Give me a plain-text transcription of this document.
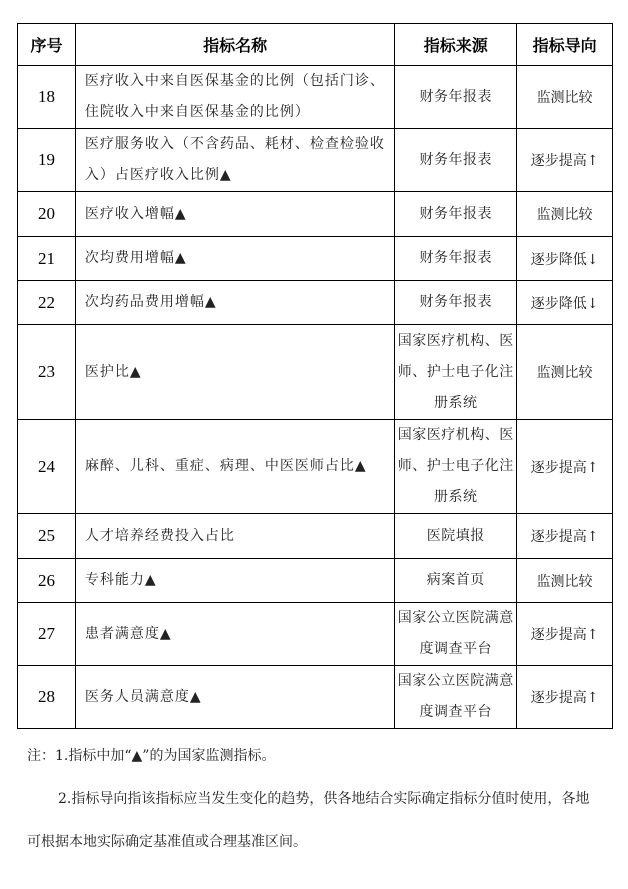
序号	指标名称	指标来源	指标导向
18	医疗收入中来自医保基金的比例（包括门诊、住院收入中来自医保基金的比例）	财务年报表	监测比较
19	医疗服务收入（不含药品、耗材、检查检验收入）占医疗收入比例▲	财务年报表	逐步提高↑
20	医疗收入增幅▲	财务年报表	监测比较
21	次均费用增幅▲	财务年报表	逐步降低↓
22	次均药品费用增幅▲	财务年报表	逐步降低↓
23	医护比▲	国家医疗机构、医师、护士电子化注册系统	监测比较
24	麻醉、儿科、重症、病理、中医医师占比▲	国家医疗机构、医师、护士电子化注册系统	逐步提高↑
25	人才培养经费投入占比	医院填报	逐步提高↑
26	专科能力▲	病案首页	监测比较
27	患者满意度▲	国家公立医院满意度调查平台	逐步提高↑
28	医务人员满意度▲	国家公立医院满意度调查平台	逐步提高↑

注：1.指标中加“▲”的为国家监测指标。

2.指标导向指该指标应当发生变化的趋势，供各地结合实际确定指标分值时使用，各地可根据本地实际确定基准值或合理基准区间。
